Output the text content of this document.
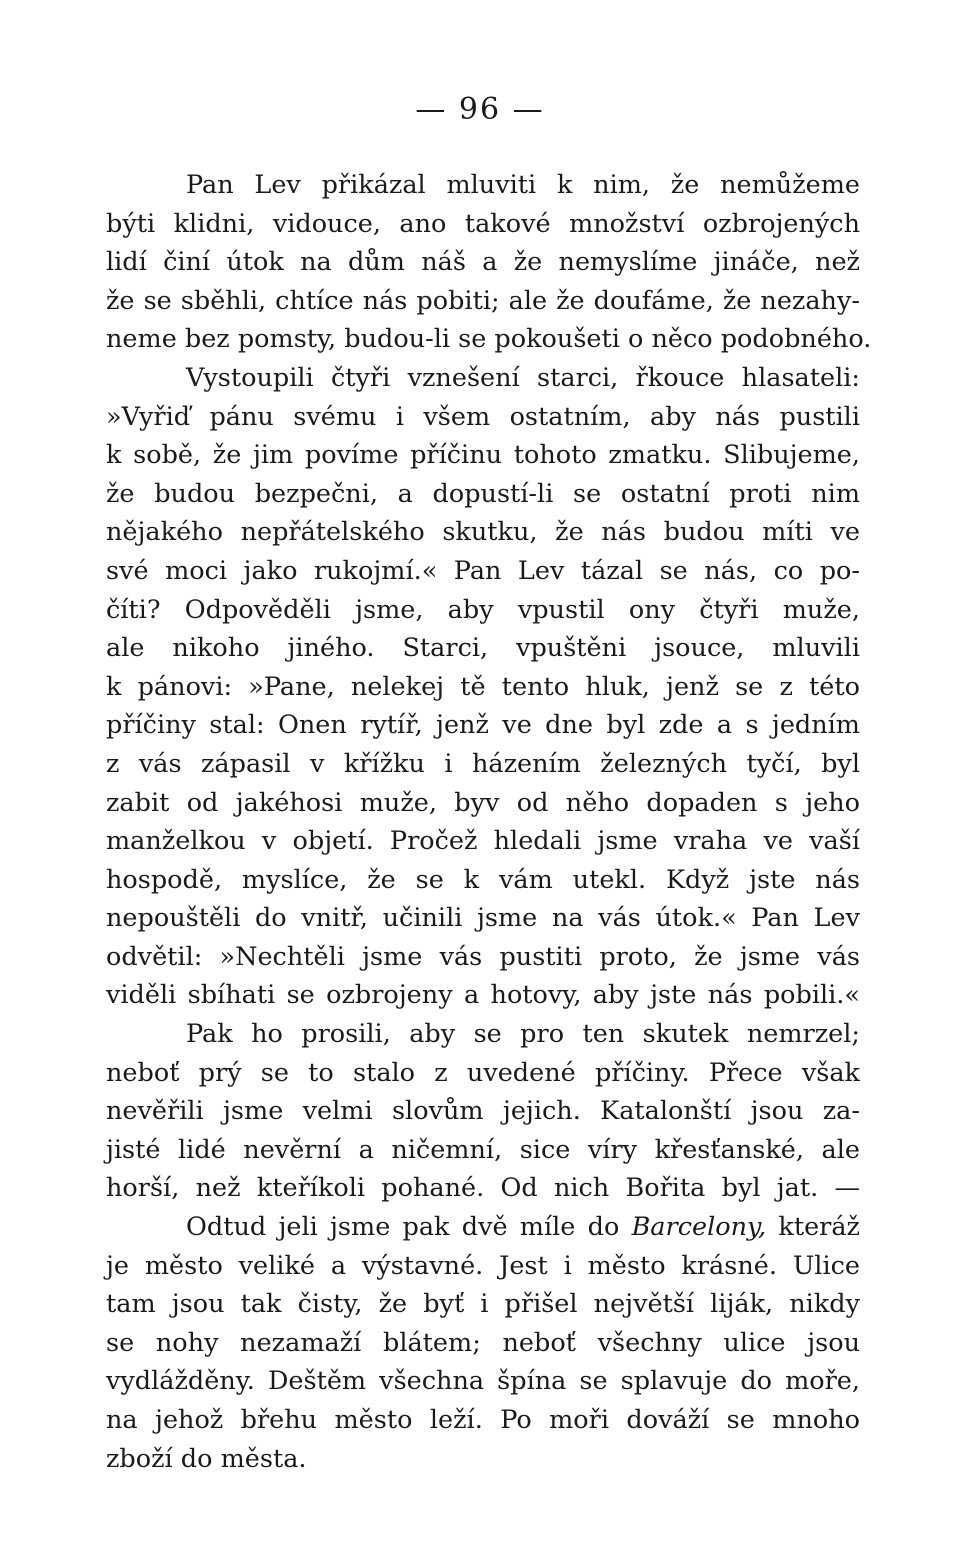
— 96 —
Pan Lev přikázal mluviti k nim, že nemůžeme
býti klidni, vidouce, ano takové množství ozbrojených
lidí činí útok na dům náš a že nemyslíme jináče, než
že se sběhli, chtíce nás pobiti; ale že doufáme, že nezahy-
neme bez pomsty, budou-li se pokoušeti o něco podobného.
Vystoupili čtyři vznešení starci, řkouce hlasateli:
»Vyřiď pánu svému i všem ostatním, aby nás pustili
k sobě, že jim povíme příčinu tohoto zmatku. Slibujeme,
že budou bezpečni, a dopustí-li se ostatní proti nim
nějakého nepřátelského skutku, že nás budou míti ve
své moci jako rukojmí.« Pan Lev tázal se nás, co po-
číti? Odpověděli jsme, aby vpustil ony čtyři muže,
ale nikoho jiného. Starci, vpuštěni jsouce, mluvili
k pánovi: »Pane, nelekej tě tento hluk, jenž se z této
příčiny stal: Onen rytíř, jenž ve dne byl zde a s jedním
z vás zápasil v křížku i házením železných tyčí, byl
zabit od jakéhosi muže, byv od něho dopaden s jeho
manželkou v objetí. Pročež hledali jsme vraha ve vaší
hospodě, myslíce, že se k vám utekl. Když jste nás
nepouštěli do vnitř, učinili jsme na vás útok.« Pan Lev
odvětil: »Nechtěli jsme vás pustiti proto, že jsme vás
viděli sbíhati se ozbrojeny a hotovy, aby jste nás pobili.«
Pak ho prosili, aby se pro ten skutek nemrzel;
neboť prý se to stalo z uvedené příčiny. Přece však
nevěřili jsme velmi slovům jejich. Katalonští jsou za-
jisté lidé nevěrní a ničemní, sice víry křesťanské, ale
horší, než kteříkoli pohané. Od nich Bořita byl jat. —
Odtud jeli jsme pak dvě míle do Barcelony, kteráž
je město veliké a výstavné. Jest i město krásné. Ulice
tam jsou tak čisty, že byť i přišel největší liják, nikdy
se nohy nezamaží blátem; neboť všechny ulice jsou
vydlážděny. Deštěm všechna špína se splavuje do moře,
na jehož břehu město leží. Po moři dováží se mnoho
zboží do města.
